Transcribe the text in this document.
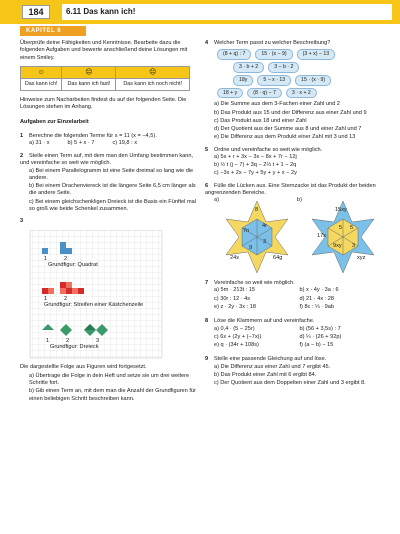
184	6.11 Das kann ich!
KAPITEL 6

Überprüfe deine Fähigkeiten und Kenntnisse. Bearbeite dazu die folgenden Aufgaben und bewerte anschließend deine Lösungen mit einem Smiley.

☺	☹	☹
Das kann ich!	Das kann ich fast!	Das kann ich noch nicht!

Hinweise zum Nacharbeiten findest du auf der folgenden Seite. Die Lösungen stehen im Anhang.

Aufgaben zur Einzelarbeit

1 Berechne die folgenden Terme für x = 11 (x = −4,5).
a) 31 · x	b) 5 + x · 7	c) 19,8 : x
2 Stelle einen Term auf, mit dem man den Umfang bestimmen kann, und vereinfache so weit wie möglich.
a) Bei einem Parallelogramm ist eine Seite dreimal so lang wie die andere.
b) Bei einem Drachenviereck ist die längere Seite 6,5 cm länger als die andere Seite.
c) Bei einem gleichschenkligen Dreieck ist die Basis ein Fünftel mal so groß wie beide Schenkel zusammen.
3
1	2
Grundfigur: Quadrat
1	2
Grundfigur: Streifen einer Kästchenzeile
1	2	3
Grundfigur: Dreieck

Die dargestellte Folge aus Figuren wird fortgesetzt.

a) Übertrage die Folge in dein Heft und setze sie um drei weitere Schritte fort.
b) Gib einen Term an, mit dem man die Anzahl der Grundfiguren für einen beliebigen Schritt beschreiben kann.
4 Welcher Term passt zu welcher Beschreibung?
(8 + q) : 7	15 · (x − 9)	(3 + x) − 13
3 · b + 2	3 − b · 2
18y	5 − x · 13	15 · (x · 9)
18 + y	(8 · q) − 7	3 · x + 2
a) Die Summe aus dem 3-Fachen einer Zahl und 2
b) Das Produkt aus 15 und der Differenz aus einer Zahl und 9
c) Das Produkt aus 18 und einer Zahl
d) Der Quotient aus der Summe aus 8 und einer Zahl und 7
e) Die Differenz aus dem Produkt einer Zahl mit 3 und 13
5 Ordne und vereinfache so weit wie möglich.
a) 5x + r + 3x − 3x − 8x + 7r − 12j
b) ½ t (j − 7) + 3q − 2⅓ t + 1 − 2q
c) −3x + 2x − 7y + 5y + y + x − 2y
6 Fülle die Lücken aus. Eine Sternzacke ist das Produkt der beiden angrenzenden Bereiche.
a)	b)
8
4r
7n
3
9
24s	64g
15xy
5
5
17x
9xy 3
xyz
7 Vereinfache so weit wie möglich.
a) 5m · 213t : 15
c) 30r : 12 · 4s
e) z · 2y · 3x : 18
b) x · 4y · 3a : 6
d) 21 · 4x : 28
f) 8c : ⅓ · 9ab
8 Löse die Klammern auf und vereinfache.
a) 0,4 · (5 − 25r)
c) 6x + (2y + (−7x))
e) q · (34r + 108s)
b) (56 + 3,5s) : 7
d) ¼ · (26 + 92p)
f) (a − b) − 15
9 Stelle eine passende Gleichung auf und löse.
a) Die Differenz aus einer Zahl und 7 ergibt 45.
b) Das Produkt einer Zahl mit 6 ergibt 84.
c) Der Quotient aus dem Doppelten einer Zahl und 3 ergibt 8.
